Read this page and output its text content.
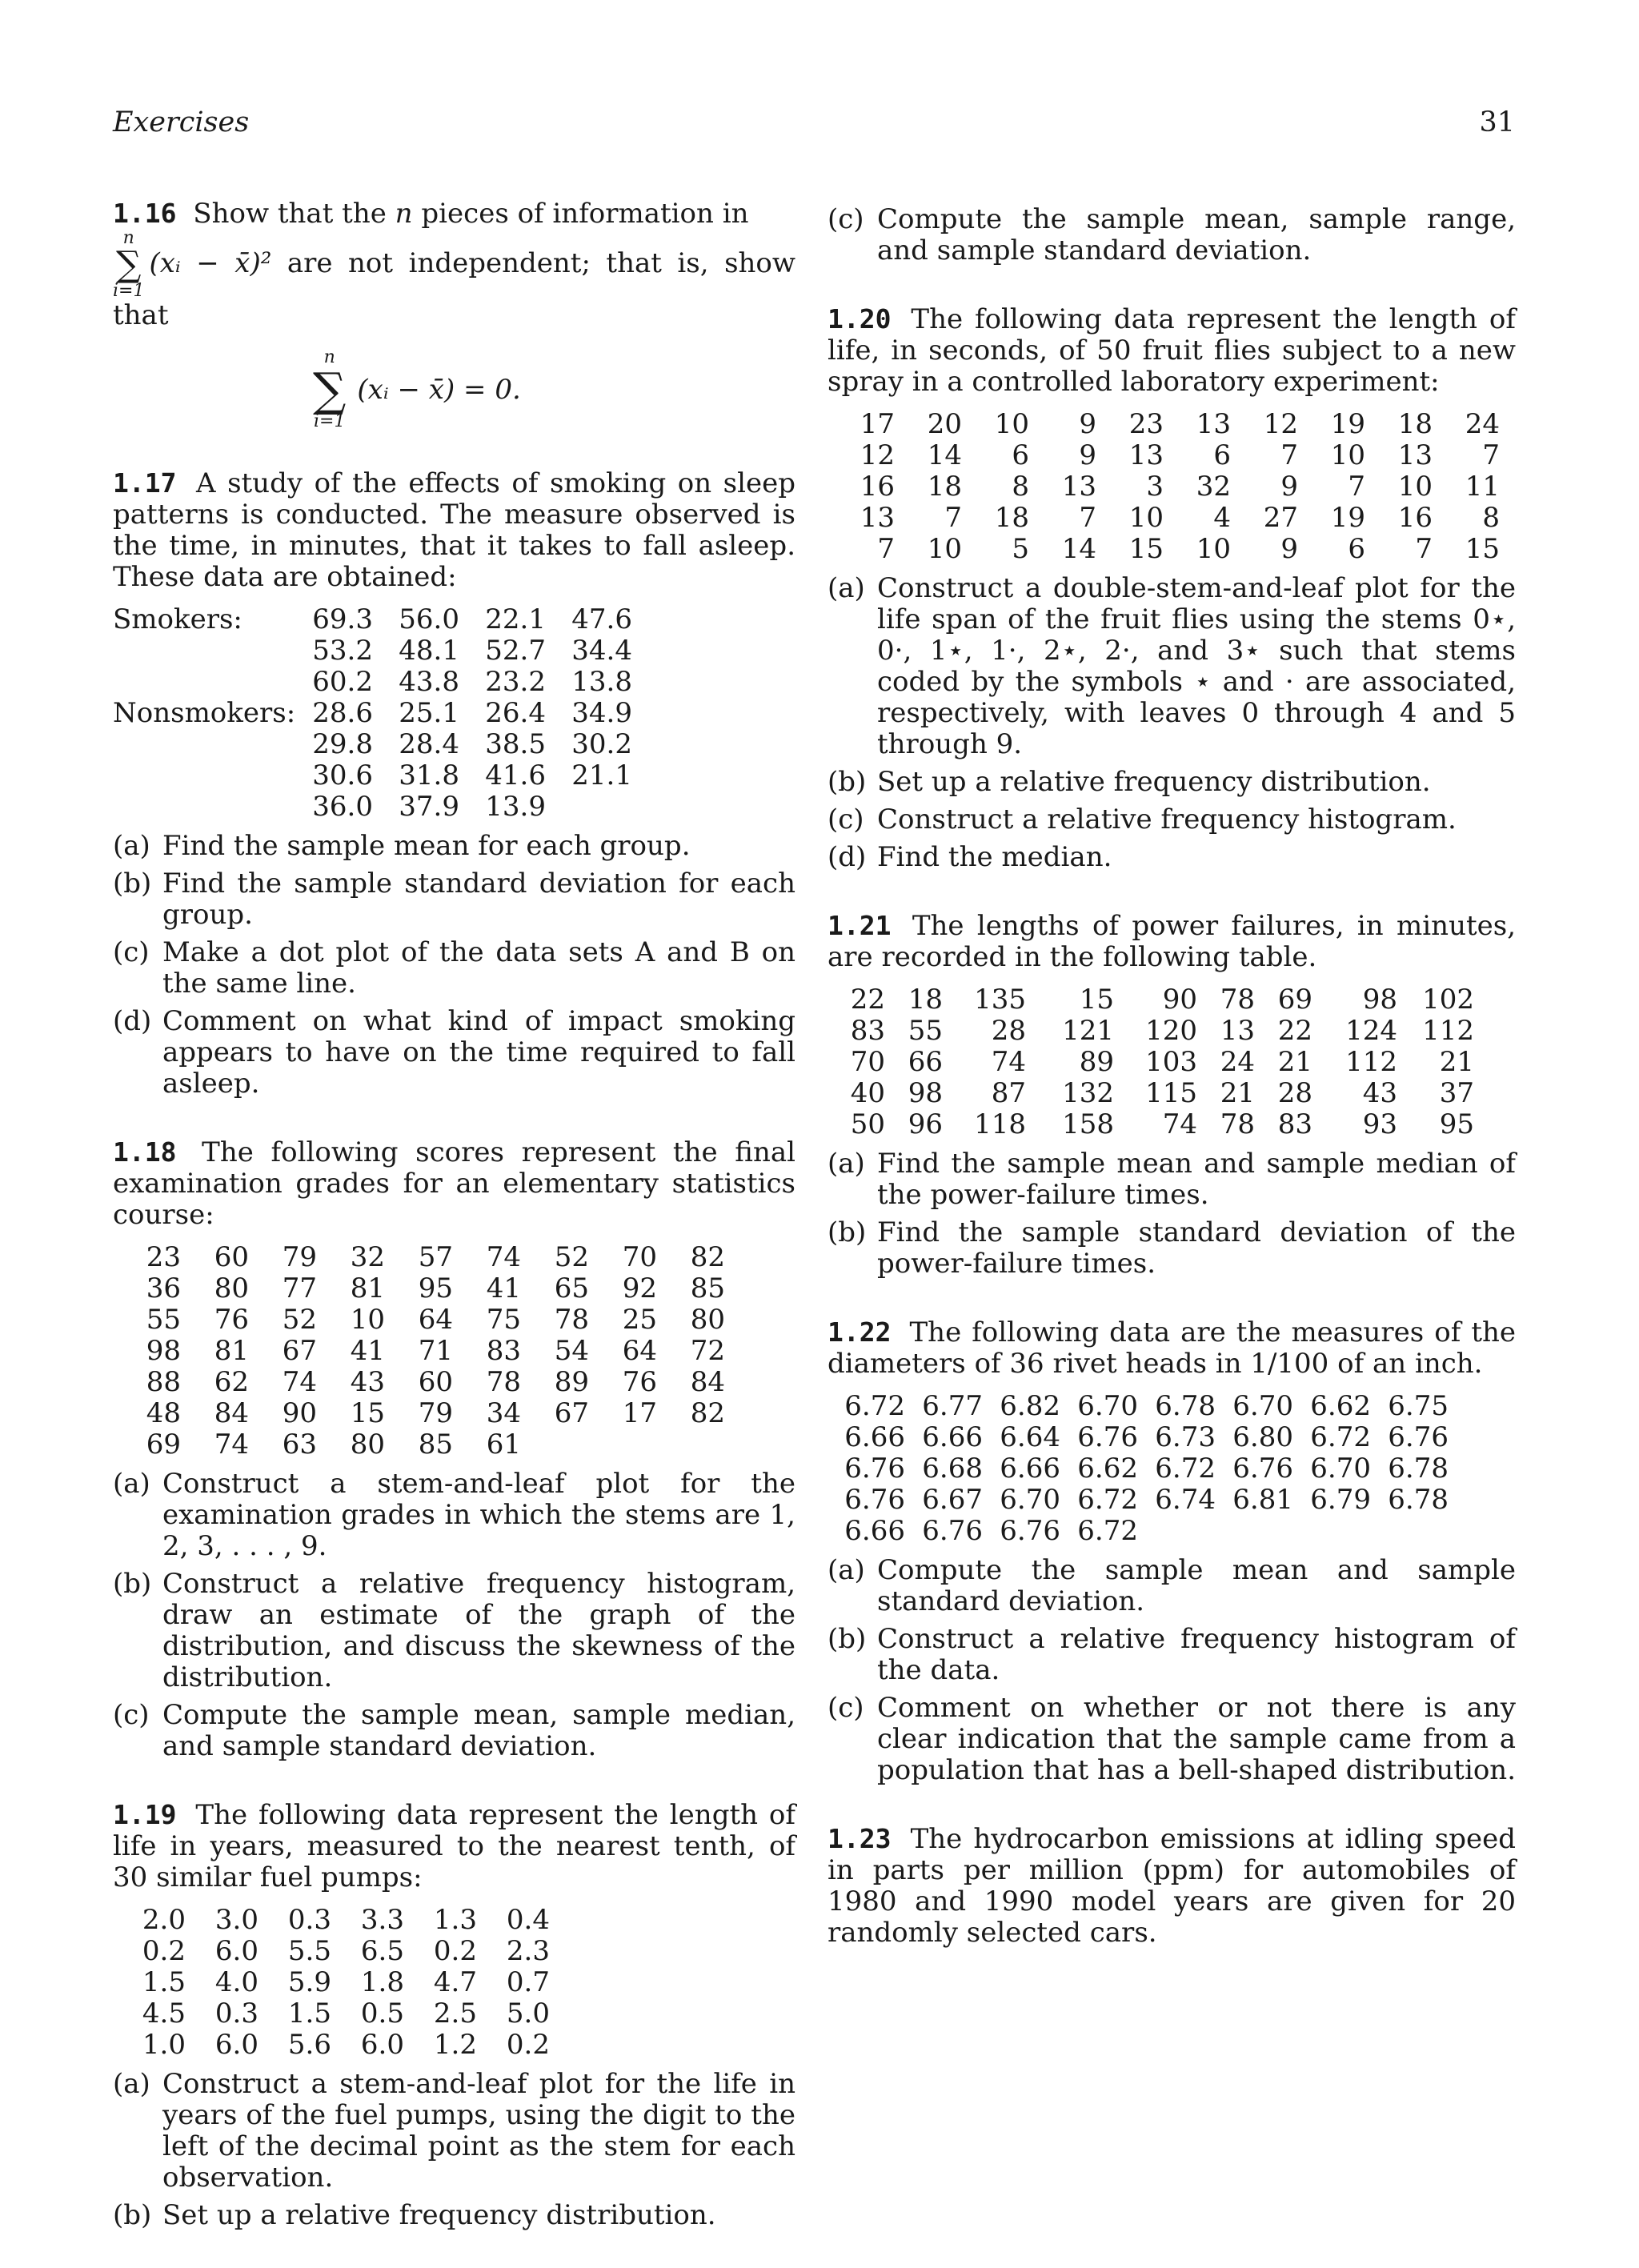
Exercises	31

1.16 Show that the n pieces of information in

n
∑
i=1
(xᵢ − x̄)² are not independent; that is, show that

n
∑
i=1
(xᵢ − x̄) = 0.

1.17 A study of the effects of smoking on sleep patterns is conducted. The measure observed is the time, in minutes, that it takes to fall asleep. These data are obtained:

Smokers:	69.3	56.0	22.1	47.6
	53.2	48.1	52.7	34.4
	60.2	43.8	23.2	13.8
Nonsmokers:	28.6	25.1	26.4	34.9
	29.8	28.4	38.5	30.2
	30.6	31.8	41.6	21.1
	36.0	37.9	13.9	
(a) Find the sample mean for each group.
(b) Find the sample standard deviation for each group.
(c) Make a dot plot of the data sets A and B on the same line.
(d) Comment on what kind of impact smoking appears to have on the time required to fall asleep.

1.18 The following scores represent the final examination grades for an elementary statistics course:

23	60	79	32	57	74	52	70	82
36	80	77	81	95	41	65	92	85
55	76	52	10	64	75	78	25	80
98	81	67	41	71	83	54	64	72
88	62	74	43	60	78	89	76	84
48	84	90	15	79	34	67	17	82
69	74	63	80	85	61			
(a) Construct a stem-and-leaf plot for the examination grades in which the stems are 1, 2, 3, . . . , 9.
(b) Construct a relative frequency histogram, draw an estimate of the graph of the distribution, and discuss the skewness of the distribution.
(c) Compute the sample mean, sample median, and sample standard deviation.

1.19 The following data represent the length of life in years, measured to the nearest tenth, of 30 similar fuel pumps:

2.0	3.0	0.3	3.3	1.3	0.4
0.2	6.0	5.5	6.5	0.2	2.3
1.5	4.0	5.9	1.8	4.7	0.7
4.5	0.3	1.5	0.5	2.5	5.0
1.0	6.0	5.6	6.0	1.2	0.2
(a) Construct a stem-and-leaf plot for the life in years of the fuel pumps, using the digit to the left of the decimal point as the stem for each observation.
(b) Set up a relative frequency distribution.
(c) Compute the sample mean, sample range, and sample standard deviation.

1.20 The following data represent the length of life, in seconds, of 50 fruit flies subject to a new spray in a controlled laboratory experiment:

17	20	10	9	23	13	12	19	18	24
12	14	6	9	13	6	7	10	13	7
16	18	8	13	3	32	9	7	10	11
13	7	18	7	10	4	27	19	16	8
7	10	5	14	15	10	9	6	7	15
(a) Construct a double-stem-and-leaf plot for the life span of the fruit flies using the stems 0⋆, 0·, 1⋆, 1·, 2⋆, 2·, and 3⋆ such that stems coded by the symbols ⋆ and · are associated, respectively, with leaves 0 through 4 and 5 through 9.
(b) Set up a relative frequency distribution.
(c) Construct a relative frequency histogram.
(d) Find the median.

1.21 The lengths of power failures, in minutes, are recorded in the following table.

22	18	135	15	90	78	69	98	102
83	55	28	121	120	13	22	124	112
70	66	74	89	103	24	21	112	21
40	98	87	132	115	21	28	43	37
50	96	118	158	74	78	83	93	95
(a) Find the sample mean and sample median of the power-failure times.
(b) Find the sample standard deviation of the power-failure times.

1.22 The following data are the measures of the diameters of 36 rivet heads in 1/100 of an inch.

6.72	6.77	6.82	6.70	6.78	6.70	6.62	6.75
6.66	6.66	6.64	6.76	6.73	6.80	6.72	6.76
6.76	6.68	6.66	6.62	6.72	6.76	6.70	6.78
6.76	6.67	6.70	6.72	6.74	6.81	6.79	6.78
6.66	6.76	6.76	6.72				
(a) Compute the sample mean and sample standard deviation.
(b) Construct a relative frequency histogram of the data.
(c) Comment on whether or not there is any clear indication that the sample came from a population that has a bell-shaped distribution.

1.23 The hydrocarbon emissions at idling speed in parts per million (ppm) for automobiles of 1980 and 1990 model years are given for 20 randomly selected cars.
